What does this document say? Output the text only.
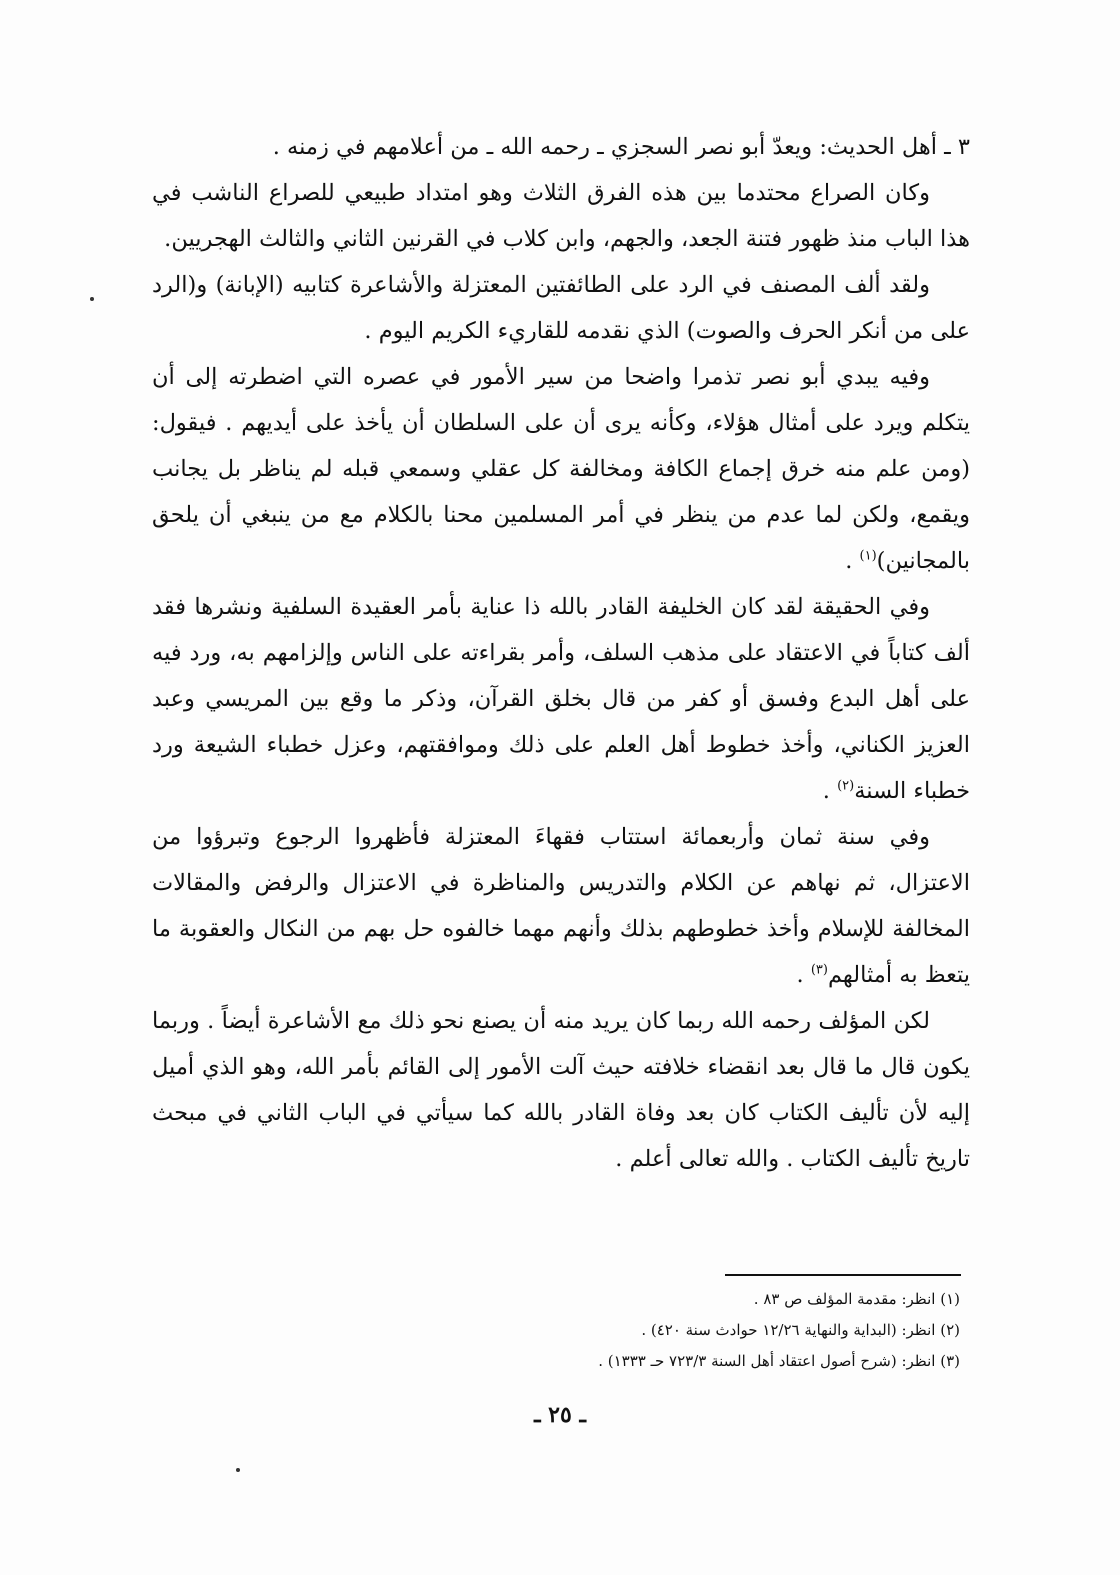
٣ ـ أهل الحديث: ويعدّ أبو نصر السجزي ـ رحمه الله ـ من أعلامهم في زمنه .

وكان الصراع محتدما بين هذه الفرق الثلاث وهو امتداد طبيعي للصراع الناشب في هذا الباب منذ ظهور فتنة الجعد، والجهم، وابن كلاب في القرنين الثاني والثالث الهجريين.

ولقد ألف المصنف في الرد على الطائفتين المعتزلة والأشاعرة كتابيه (الإبانة) و(الرد على من أنكر الحرف والصوت) الذي نقدمه للقاريء الكريم اليوم .

وفيه يبدي أبو نصر تذمرا واضحا من سير الأمور في عصره التي اضطرته إلى أن يتكلم ويرد على أمثال هؤلاء، وكأنه يرى أن على السلطان أن يأخذ على أيديهم . فيقول: (ومن علم منه خرق إجماع الكافة ومخالفة كل عقلي وسمعي قبله لم يناظر بل يجانب ويقمع، ولكن لما عدم من ينظر في أمر المسلمين محنا بالكلام مع من ينبغي أن يلحق بالمجانين)$^{(١)}$ .

وفي الحقيقة لقد كان الخليفة القادر بالله ذا عناية بأمر العقيدة السلفية ونشرها فقد ألف كتاباً في الاعتقاد على مذهب السلف، وأمر بقراءته على الناس وإلزامهم به، ورد فيه على أهل البدع وفسق أو كفر من قال بخلق القرآن، وذكر ما وقع بين المريسي وعبد العزيز الكناني، وأخذ خطوط أهل العلم على ذلك وموافقتهم، وعزل خطباء الشيعة ورد خطباء السنة$^{(٢)}$ .

وفي سنة ثمان وأربعمائة استتاب فقهاءَ المعتزلة فأظهروا الرجوع وتبرؤوا من الاعتزال، ثم نهاهم عن الكلام والتدريس والمناظرة في الاعتزال والرفض والمقالات المخالفة للإسلام وأخذ خطوطهم بذلك وأنهم مهما خالفوه حل بهم من النكال والعقوبة ما يتعظ به أمثالهم$^{(٣)}$ .

لكن المؤلف رحمه الله ربما كان يريد منه أن يصنع نحو ذلك مع الأشاعرة أيضاً . وربما يكون قال ما قال بعد انقضاء خلافته حيث آلت الأمور إلى القائم بأمر الله، وهو الذي أميل إليه لأن تأليف الكتاب كان بعد وفاة القادر بالله كما سيأتي في الباب الثاني في مبحث تاريخ تأليف الكتاب . والله تعالى أعلم .

(١) انظر: مقدمة المؤلف ص ٨٣ .

(٢) انظر: (البداية والنهاية ١٢/٢٦ حوادث سنة ٤٢٠) .

(٣) انظر: (شرح أصول اعتقاد أهل السنة ٧٢٣/٣ حـ ١٣٣٣) .

ـ ٢٥ ـ
